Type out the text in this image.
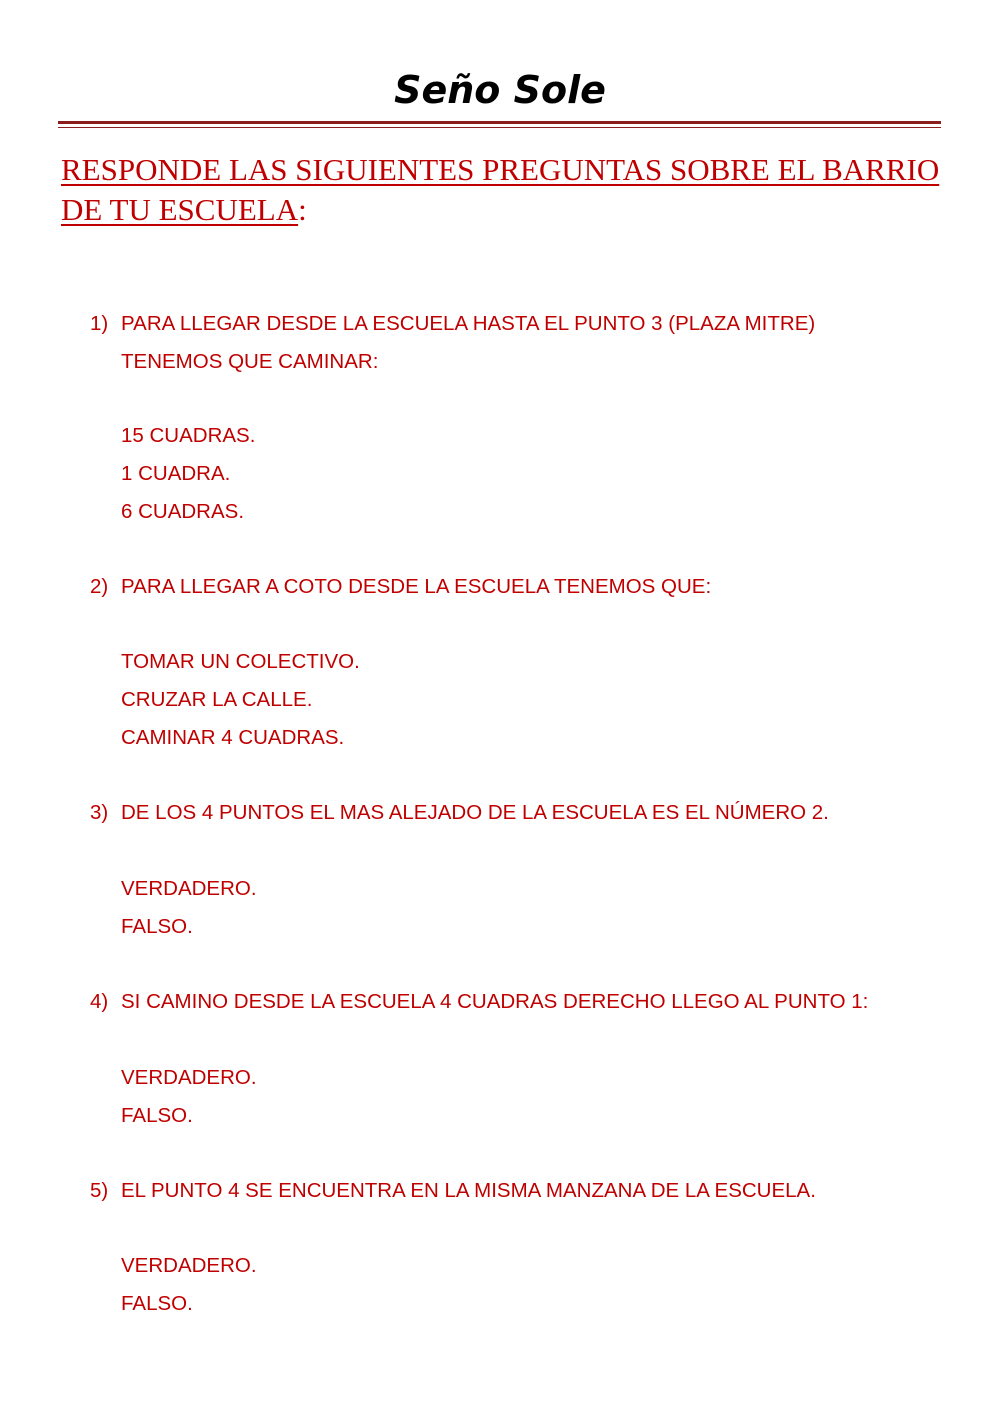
Seño Sole

RESPONDE LAS SIGUIENTES PREGUNTAS SOBRE EL BARRIO DE TU ESCUELA:

1) PARA LLEGAR DESDE LA ESCUELA HASTA EL PUNTO 3 (PLAZA MITRE) TENEMOS QUE CAMINAR:
15 CUADRAS.
1 CUADRA.
6 CUADRAS.
2) PARA LLEGAR A COTO DESDE LA ESCUELA TENEMOS QUE:
TOMAR UN COLECTIVO.
CRUZAR LA CALLE.
CAMINAR 4 CUADRAS.
3) DE LOS 4 PUNTOS EL MAS ALEJADO DE LA ESCUELA ES EL NÚMERO 2.
VERDADERO.
FALSO.
4) SI CAMINO DESDE LA ESCUELA 4 CUADRAS DERECHO LLEGO AL PUNTO 1:
VERDADERO.
FALSO.
5) EL PUNTO 4 SE ENCUENTRA EN LA MISMA MANZANA DE LA ESCUELA.
VERDADERO.
FALSO.
